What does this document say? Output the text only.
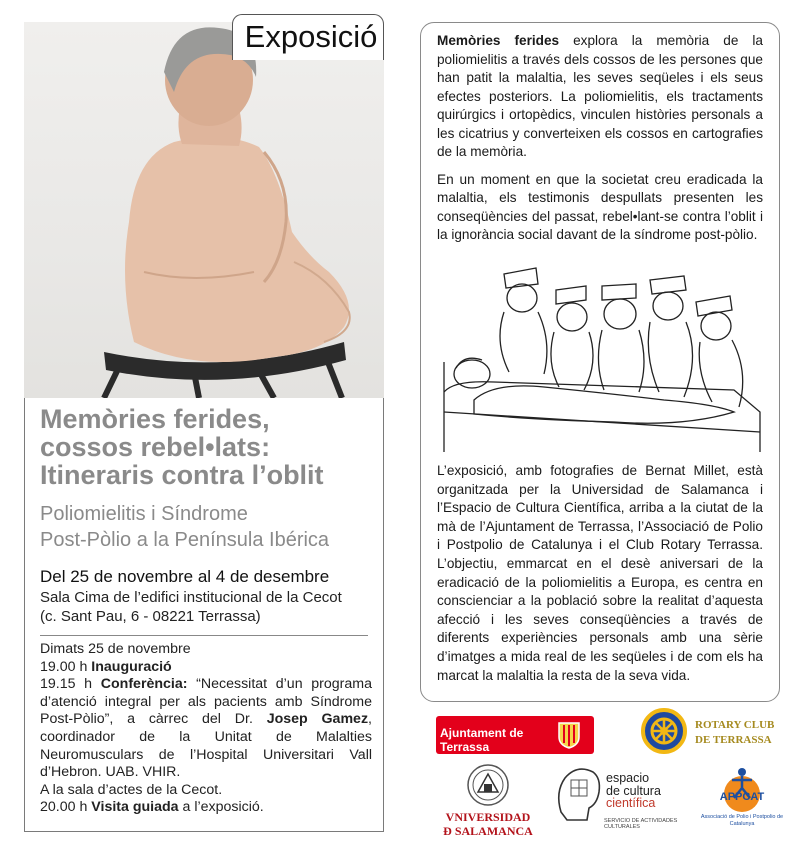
Exposició
Memòries ferides,
cossos rebel•lats:
Itineraris contra l’oblit
Poliomielitis i Síndrome
Post-Pòlio a la Península Ibérica
Del 25 de novembre al 4 de desembre
Sala Cima de l’edifici institucional de la Cecot
(c. Sant Pau, 6 - 08221 Terrassa)

Dimats 25 de novembre

19.00 h Inauguració

19.15 h Conferència: “Necessitat d’un programa d’atenció integral per als pacients amb Síndrome Post-Pòlio”, a càrrec del Dr. Josep Gamez, coordinador de la Unitat de Malalties Neuromusculars de l’Hospital Universitari Vall d’Hebron. UAB. VHIR.

A la sala d’actes de la Cecot.

20.00 h Visita guiada a l’exposició.

Memòries ferides explora la memòria de la poliomielitis a través dels cossos de les persones que han patit la malaltia, les seves seqüeles i els seus efectes posteriors. La poliomielitis, els tractaments quirúrgics i ortopèdics, vinculen històries personals a les cicatrius y converteixen els cossos en cartografies de la memòria.

En un moment en que la societat creu eradicada la malaltia, els testimonis despullats presenten les conseqüències del passat, rebel•lant-se contra l’oblit i la ignorància social davant de la síndrome post-pòlio.

L’exposició, amb fotografies de Bernat Millet, està organitzada per la Universidad de Salamanca i l’Espacio de Cultura Científica, arriba a la ciutat de la mà de l’Ajuntament de Terrassa, l’Associació de Polio i Postpolio de Catalunya i el Club Rotary Terrassa. L’objectiu, emmarcat en el desè aniversari de la eradicació de la poliomielitis a Europa, es centra en conscienciar a la població sobre la realitat d’aquesta afecció i les seves conseqüències a través de diferents experiències personals amb una sèrie d’imatges a mida real de les seqüeles i de com els ha marcat la malaltia la resta de la seva vida.
Ajuntament de Terrassa
ROTARY CLUB
DE TERRASSA
VNIVERSIDAD
Ð SALAMANCA
espacio
de cultura
científica
SERVICIO DE ACTIVIDADES CULTURALES
APPCAT
Associació de Polio i Postpolio de Catalunya
